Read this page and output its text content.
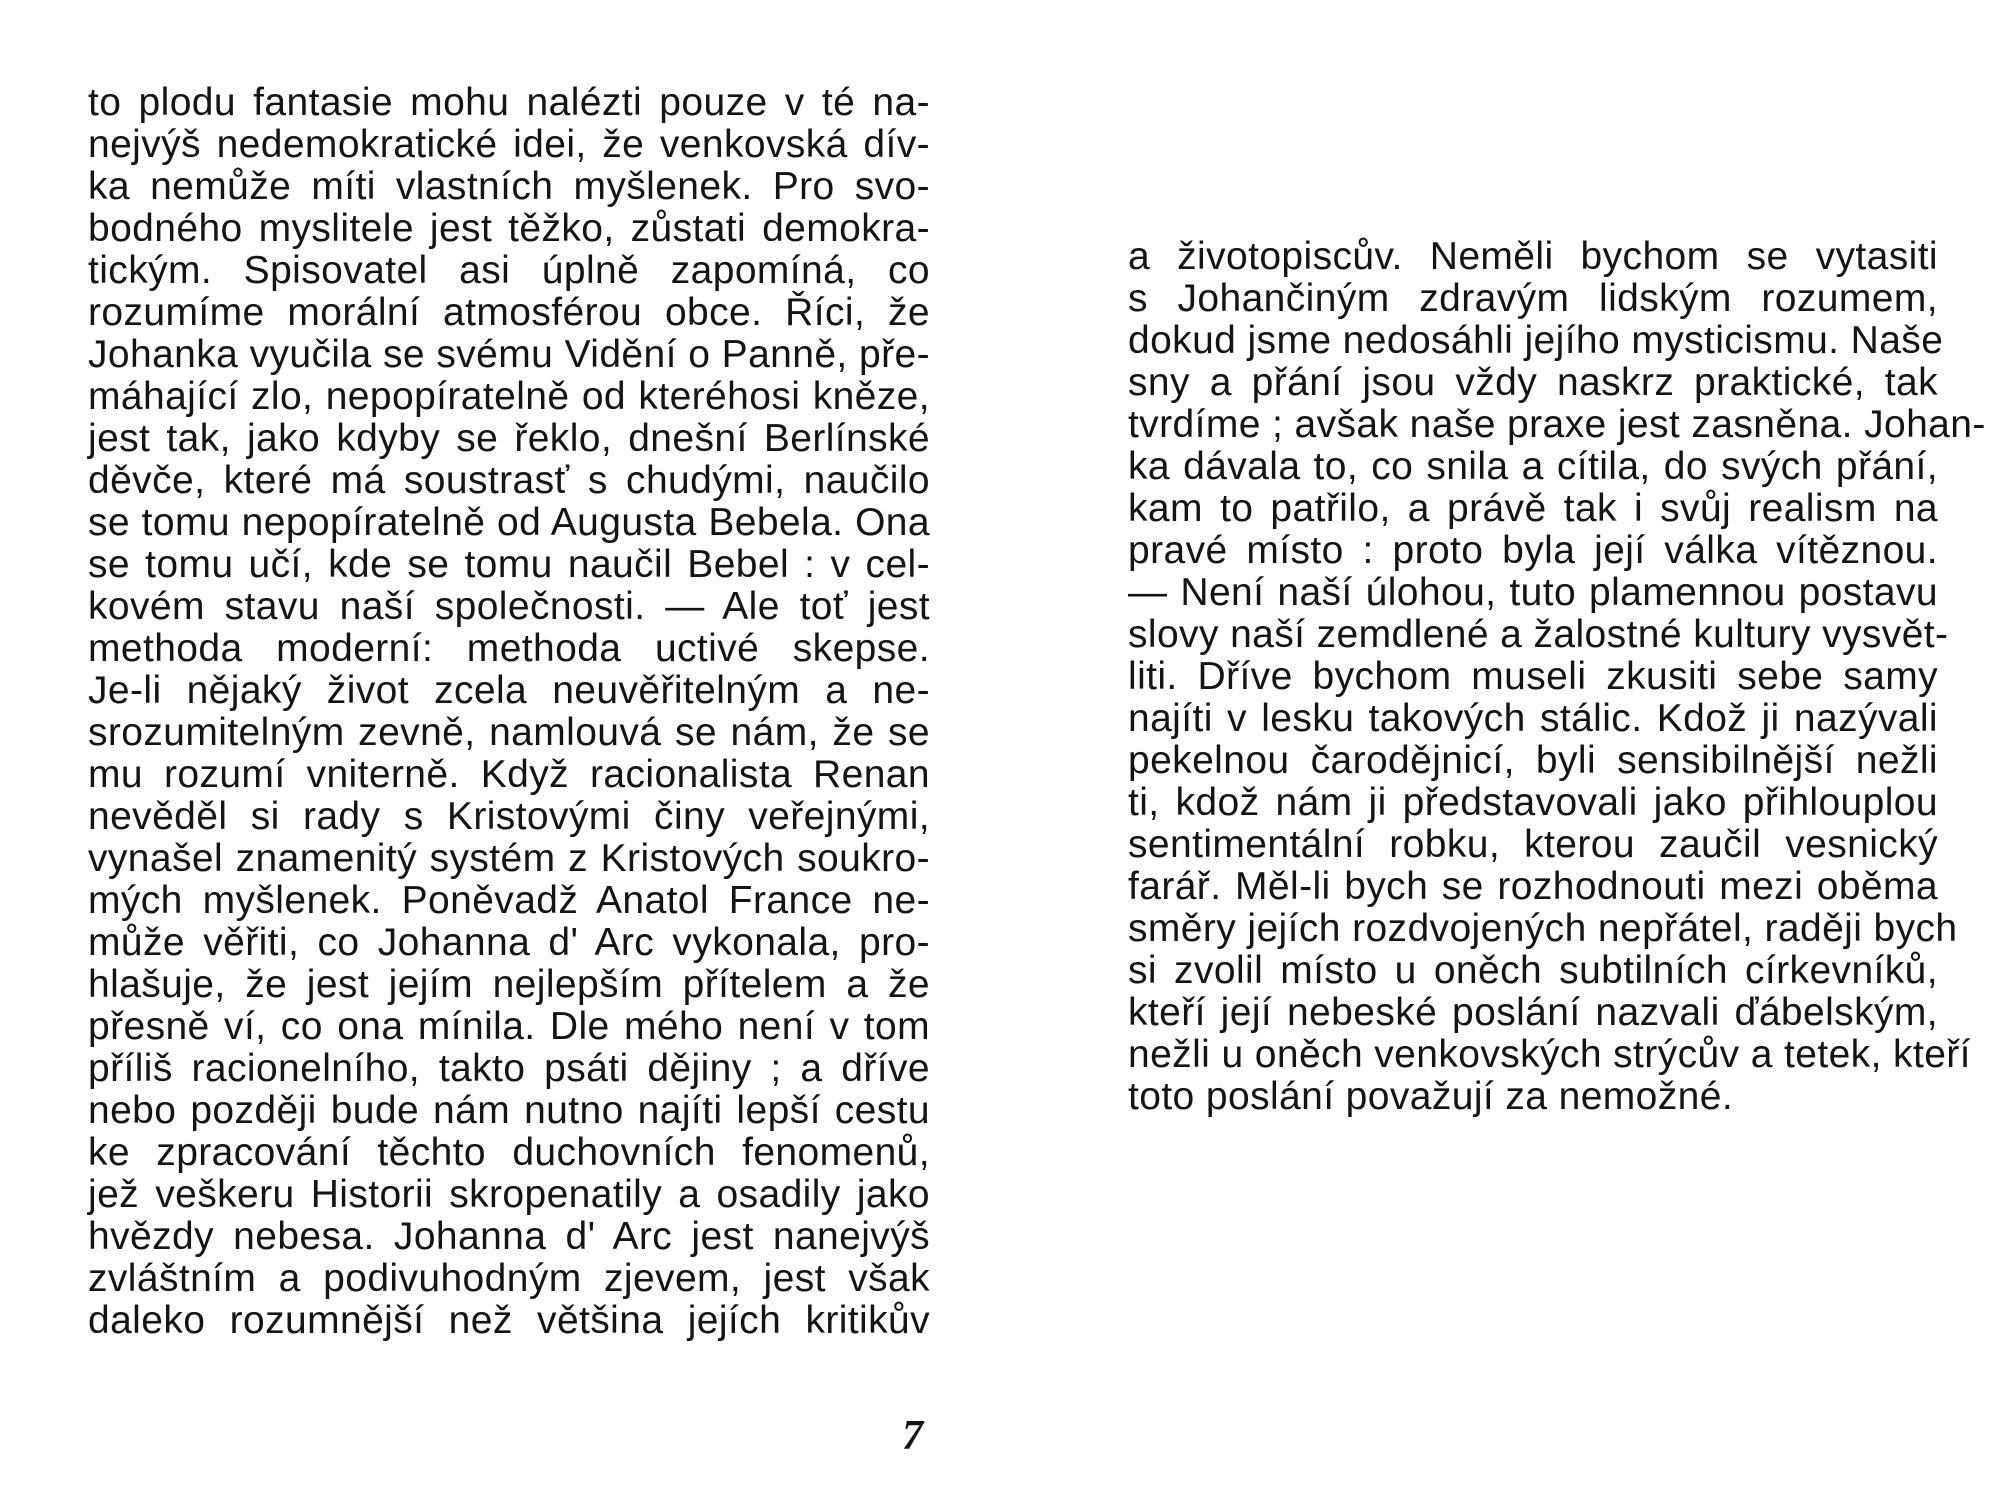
to plodu fantasie mohu nalézti pouze v té na-
nejvýš nedemokratické idei, že venkovská dív-
ka nemůže míti vlastních myšlenek. Pro svo-
bodného myslitele jest těžko, zůstati demokra-
tickým. Spisovatel asi úplně zapomíná, co
rozumíme morální atmosférou obce. Říci, že
Johanka vyučila se svému Vidění o Panně, pře-
máhající zlo, nepopíratelně od kteréhosi kněze,
jest tak, jako kdyby se řeklo, dnešní Berlínské
děvče, které má soustrasť s chudými, naučilo
se tomu nepopíratelně od Augusta Bebela. Ona
se tomu učí, kde se tomu naučil Bebel : v cel-
kovém stavu naší společnosti. — Ale toť jest
methoda moderní: methoda uctivé skepse.
Je-li nějaký život zcela neuvěřitelným a ne-
srozumitelným zevně, namlouvá se nám, že se
mu rozumí vniterně. Když racionalista Renan
nevěděl si rady s Kristovými činy veřejnými,
vynašel znamenitý systém z Kristových soukro-
mých myšlenek. Poněvadž Anatol France ne-
může věřiti, co Johanna d' Arc vykonala, pro-
hlašuje, že jest jejím nejlepším přítelem a že
přesně ví, co ona mínila. Dle mého není v tom
příliš racionelního, takto psáti dějiny ; a dříve
nebo později bude nám nutno najíti lepší cestu
ke zpracování těchto duchovních fenomenů,
jež veškeru Historii skropenatily a osadily jako
hvězdy nebesa. Johanna d' Arc jest nanejvýš
zvláštním a podivuhodným zjevem, jest však
daleko rozumnější než většina jejích kritikův
7
a životopiscův. Neměli bychom se vytasiti
s Johančiným zdravým lidským rozumem,
dokud jsme nedosáhli jejího mysticismu. Naše
sny a přání jsou vždy naskrz praktické, tak
tvrdíme ; avšak naše praxe jest zasněna. Johan-
ka dávala to, co snila a cítila, do svých přání,
kam to patřilo, a právě tak i svůj realism na
pravé místo : proto byla její válka vítěznou.
— Není naší úlohou, tuto plamennou postavu
slovy naší zemdlené a žalostné kultury vysvět-
liti. Dříve bychom museli zkusiti sebe samy
najíti v lesku takových stálic. Kdož ji nazývali
pekelnou čarodějnicí, byli sensibilnější nežli
ti, kdož nám ji představovali jako přihlouplou
sentimentální robku, kterou zaučil vesnický
farář. Měl-li bych se rozhodnouti mezi oběma
směry jejích rozdvojených nepřátel, raději bych
si zvolil místo u oněch subtilních církevníků,
kteří její nebeské poslání nazvali ďábelským,
nežli u oněch venkovských strýcův a tetek, kteří
toto poslání považují za nemožné.
